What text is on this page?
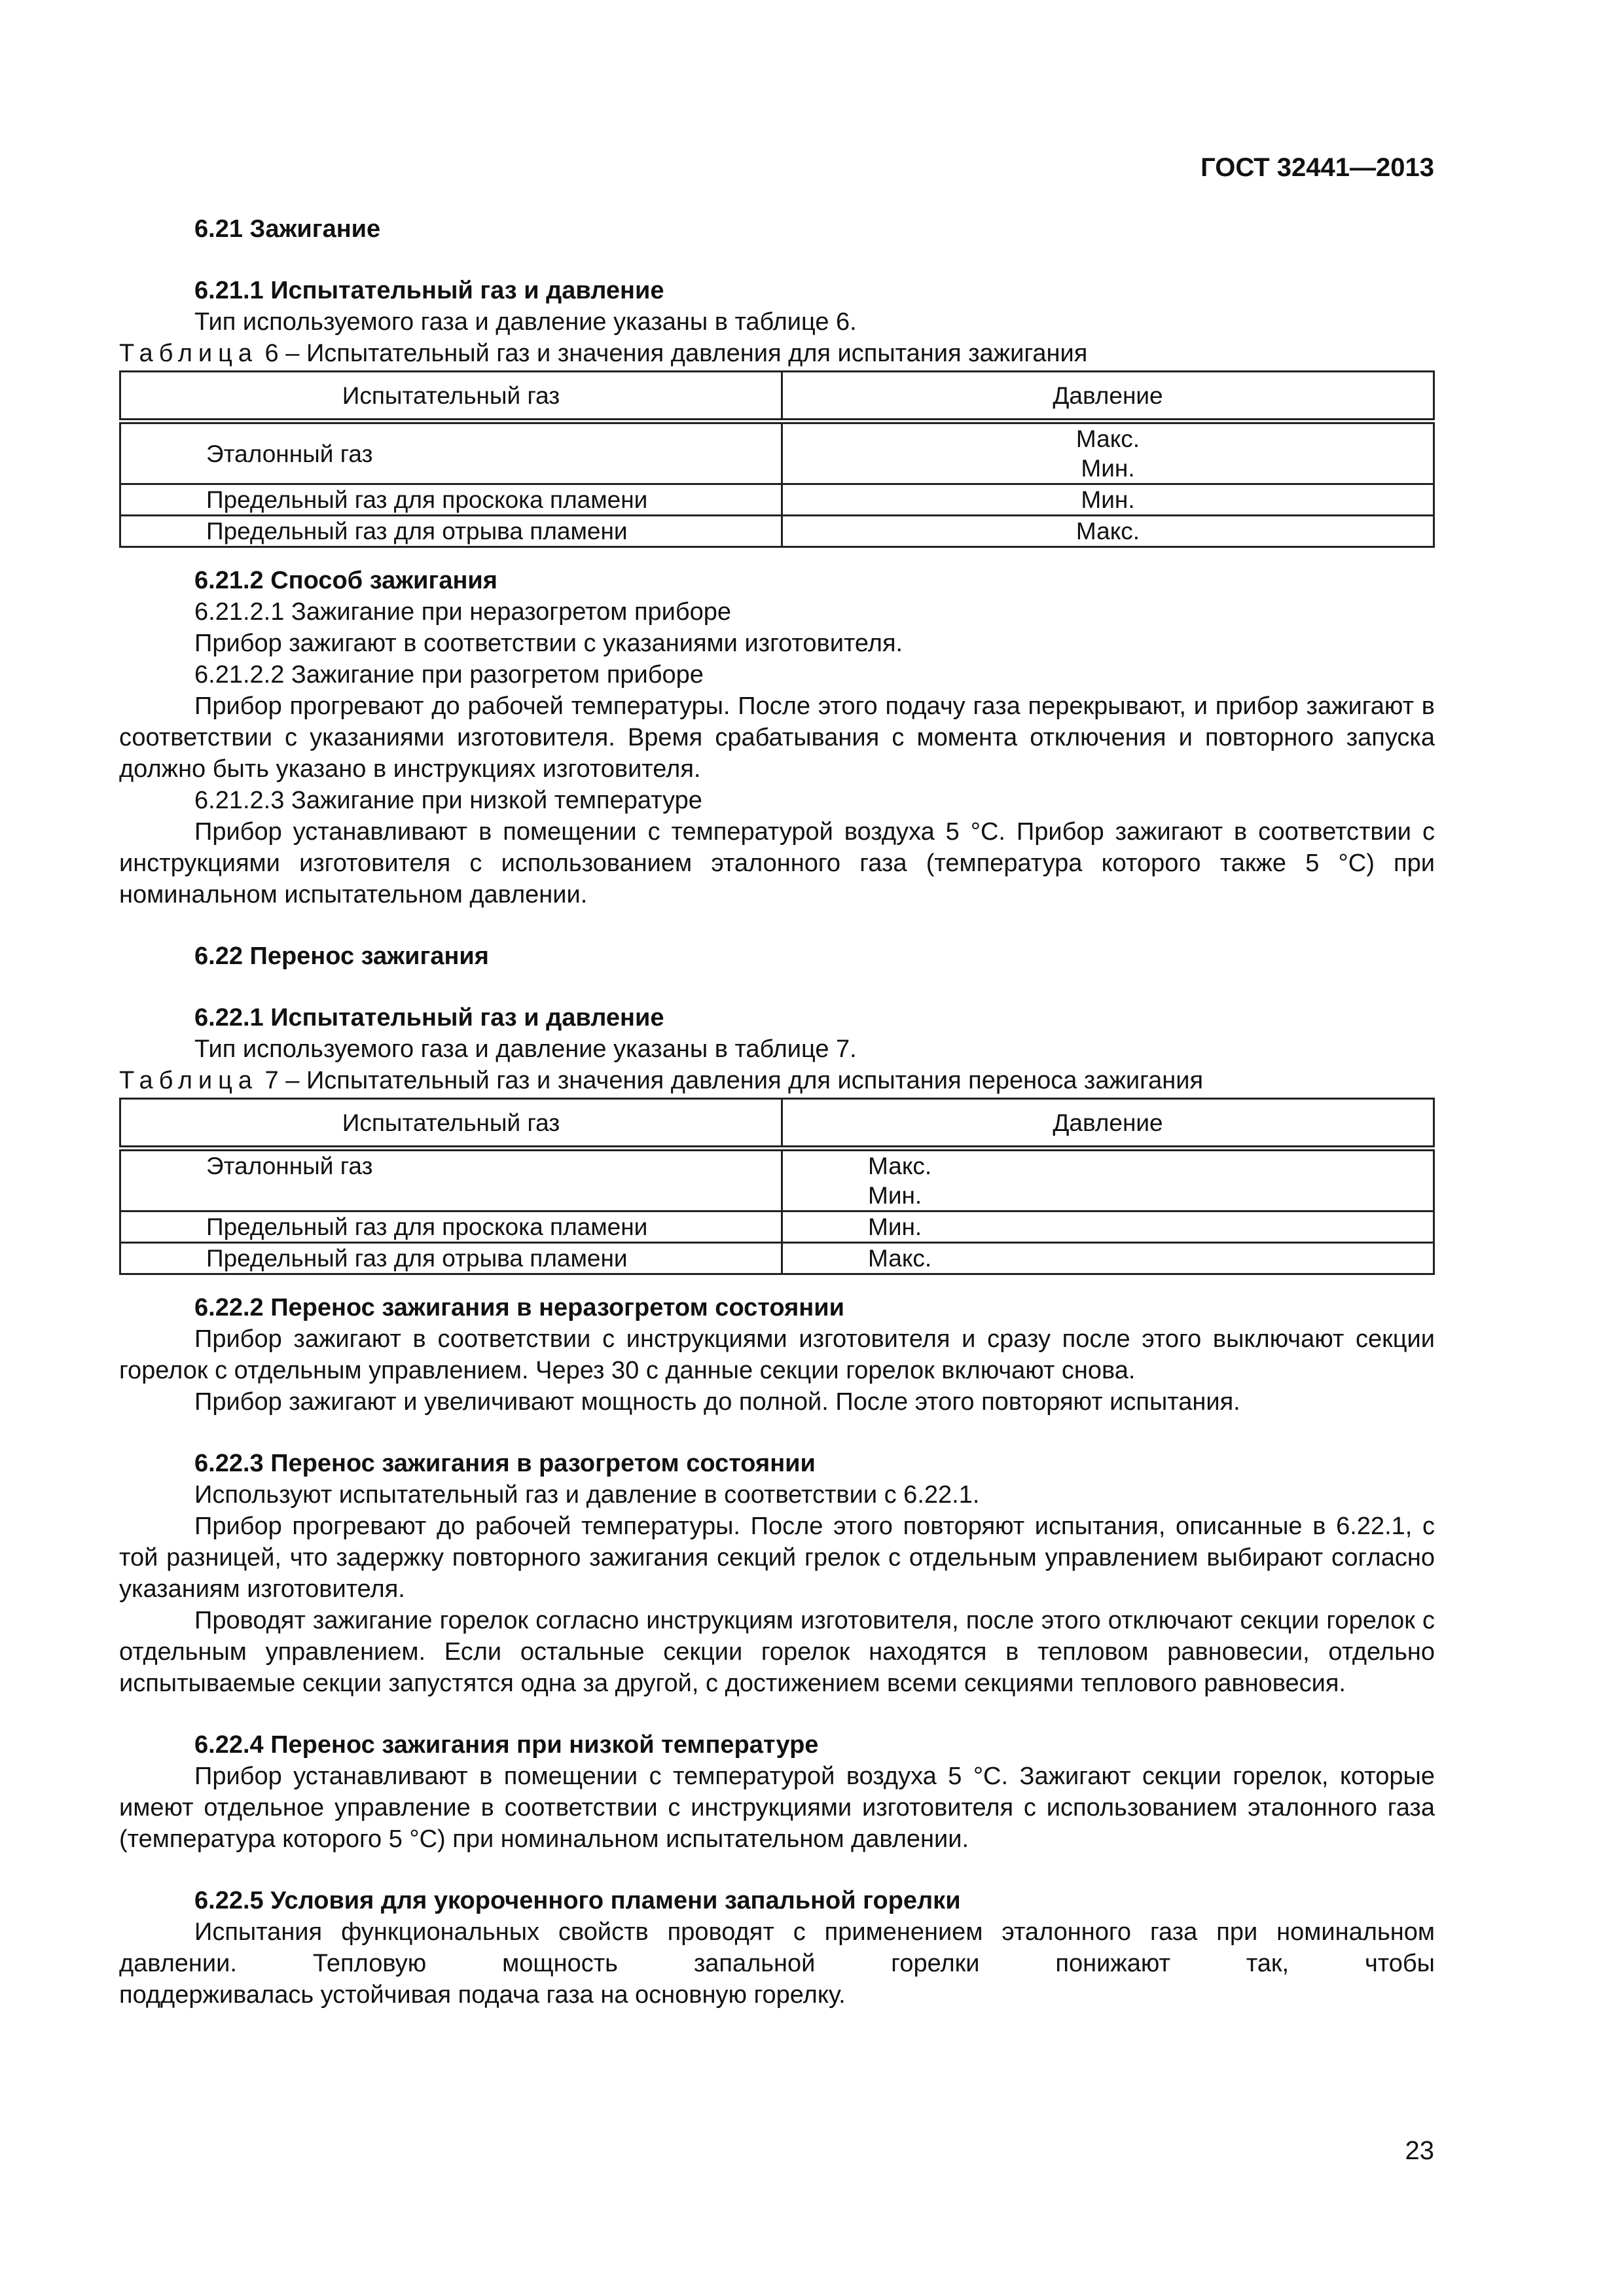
ГОСТ 32441—2013

6.21 Зажигание

6.21.1 Испытательный газ и давление

Тип используемого газа и давление указаны в таблице 6.

Таблица 6 – Испытательный газ и значения давления для испытания зажигания

Испытательный газ	Давление
Эталонный газ	Макс.
Мин.

Предельный газ для проскока пламени	Мин.
Предельный газ для отрыва пламени	Макс.

6.21.2 Способ зажигания

6.21.2.1 Зажигание при неразогретом приборе

Прибор зажигают в соответствии с указаниями изготовителя.

6.21.2.2 Зажигание при разогретом приборе

Прибор прогревают до рабочей температуры. После этого подачу газа перекрывают, и прибор зажигают в соответствии с указаниями изготовителя. Время срабатывания с момента отключения и повторного запуска должно быть указано в инструкциях изготовителя.

6.21.2.3 Зажигание при низкой температуре

Прибор устанавливают в помещении с температурой воздуха 5 °С. Прибор зажигают в соответствии с инструкциями изготовителя с использованием эталонного газа (температура которого также 5 °С) при номинальном испытательном давлении.

6.22 Перенос зажигания

6.22.1 Испытательный газ и давление

Тип используемого газа и давление указаны в таблице 7.

Таблица 7 – Испытательный газ и значения давления для испытания переноса зажигания

Испытательный газ	Давление
Эталонный газ	Макс.
Мин.

Предельный газ для проскока пламени	Мин.
Предельный газ для отрыва пламени	Макс.

6.22.2 Перенос зажигания в неразогретом состоянии

Прибор зажигают в соответствии с инструкциями изготовителя и сразу после этого выключают секции горелок с отдельным управлением. Через 30 с данные секции горелок включают снова.

Прибор зажигают и увеличивают мощность до полной. После этого повторяют испытания.

6.22.3 Перенос зажигания в разогретом состоянии

Используют испытательный газ и давление в соответствии с 6.22.1.

Прибор прогревают до рабочей температуры. После этого повторяют испытания, описанные в 6.22.1, с той разницей, что задержку повторного зажигания секций грелок с отдельным управлением выбирают согласно указаниям изготовителя.

Проводят зажигание горелок согласно инструкциям изготовителя, после этого отключают секции горелок с отдельным управлением. Если остальные секции горелок находятся в тепловом равновесии, отдельно испытываемые секции запустятся одна за другой, с достижением всеми секциями теплового равновесия.

6.22.4 Перенос зажигания при низкой температуре

Прибор устанавливают в помещении с температурой воздуха 5 °С. Зажигают секции горелок, которые имеют отдельное управление в соответствии с инструкциями изготовителя с использованием эталонного газа (температура которого 5 °С) при номинальном испытательном давлении.

6.22.5 Условия для укороченного пламени запальной горелки

Испытания функциональных свойств проводят с применением эталонного газа при номинальном давлении. Тепловую мощность запальной горелки понижают так, чтобы

поддерживалась устойчивая подача газа на основную горелку.

23
